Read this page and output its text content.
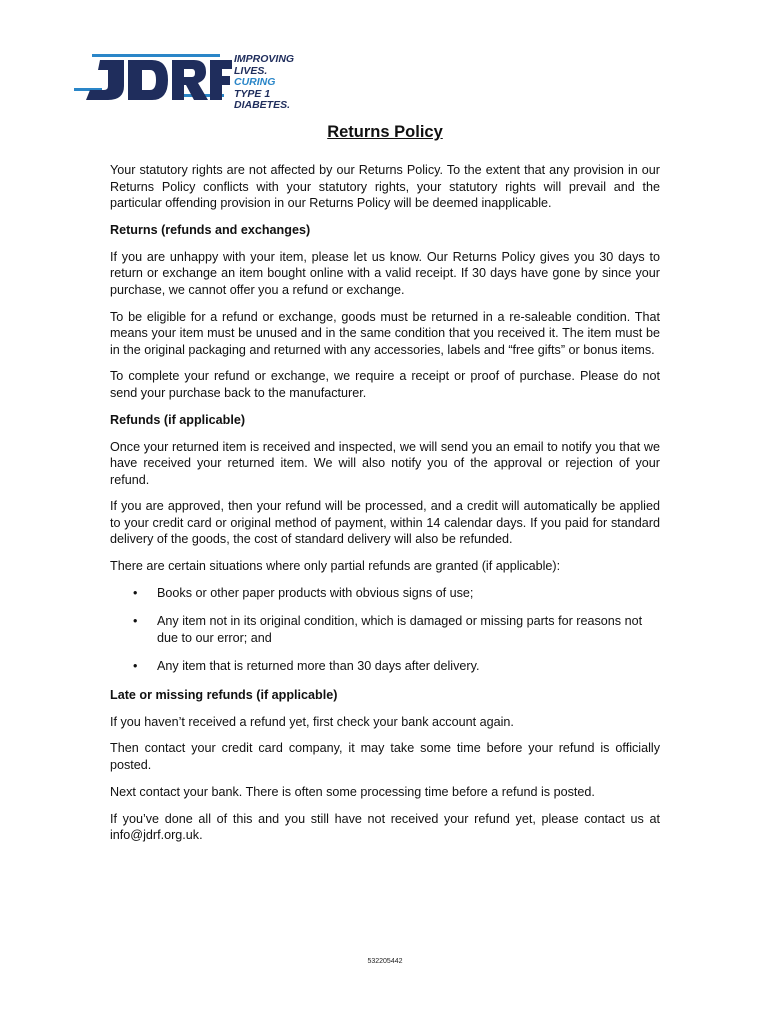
IMPROVING
LIVES.
CURING
TYPE 1
DIABETES.
Returns Policy

Your statutory rights are not affected by our Returns Policy. To the extent that any provision in our Returns Policy conflicts with your statutory rights, your statutory rights will prevail and the particular offending provision in our Returns Policy will be deemed inapplicable.

Returns (refunds and exchanges)

If you are unhappy with your item, please let us know. Our Returns Policy gives you 30 days to return or exchange an item bought online with a valid receipt. If 30 days have gone by since your purchase, we cannot offer you a refund or exchange.

To be eligible for a refund or exchange, goods must be returned in a re-saleable condition. That means your item must be unused and in the same condition that you received it. The item must be in the original packaging and returned with any accessories, labels and “free gifts” or bonus items.

To complete your refund or exchange, we require a receipt or proof of purchase. Please do not send your purchase back to the manufacturer.

Refunds (if applicable)

Once your returned item is received and inspected, we will send you an email to notify you that we have received your returned item. We will also notify you of the approval or rejection of your refund.

If you are approved, then your refund will be processed, and a credit will automatically be applied to your credit card or original method of payment, within 14 calendar days. If you paid for standard delivery of the goods, the cost of standard delivery will also be refunded.

There are certain situations where only partial refunds are granted (if applicable):

• Books or other paper products with obvious signs of use;
• Any item not in its original condition, which is damaged or missing parts for reasons not due to our error; and
• Any item that is returned more than 30 days after delivery.
Late or missing refunds (if applicable)

If you haven’t received a refund yet, first check your bank account again.

Then contact your credit card company, it may take some time before your refund is officially posted.

Next contact your bank. There is often some processing time before a refund is posted.

If you’ve done all of this and you still have not received your refund yet, please contact us at info@jdrf.org.uk.

532205442
